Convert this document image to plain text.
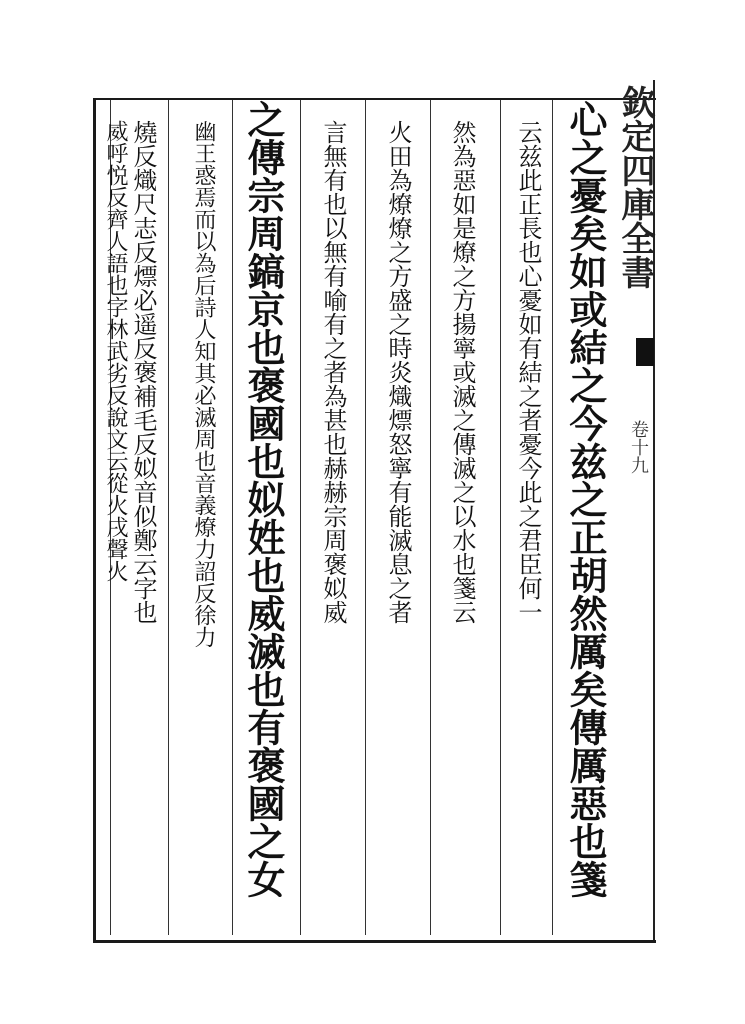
欽定四庫全書
卷十九
心之憂矣如或結之今兹之正胡然厲矣傳厲惡也箋
云兹此正長也心憂如有結之者憂今此之君臣何一
然為惡如是燎之方揚寧或滅之傳滅之以水也箋云
火田為燎燎之方盛之時炎熾熛怒寧有能滅息之者
言無有也以無有喻有之者為甚也赫赫宗周褒姒威
之傳宗周鎬京也褒國也姒姓也威滅也有褒國之女
幽王惑焉而以為后詩人知其必滅周也音義燎力詔反徐力
燒反熾尺志反熛必遥反褒補毛反姒音似鄭云字也
威呼悦反齊人語也字林武劣反說文云從火戌聲火
